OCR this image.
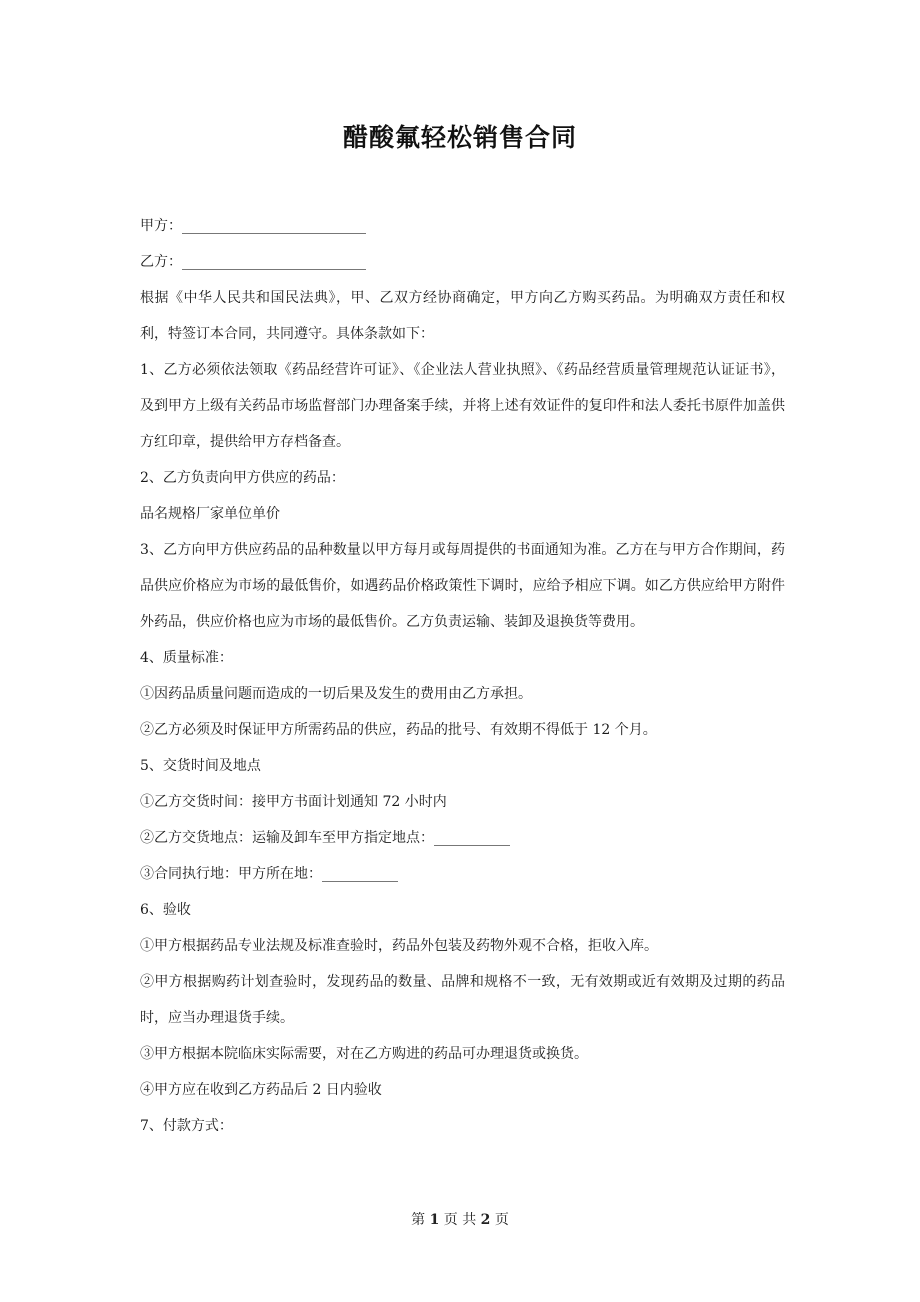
醋酸氟轻松销售合同
甲方：
乙方：
根据《中华人民共和国民法典》，甲、乙双方经协商确定，甲方向乙方购买药品。为明确双方责任和权利，特签订本合同，共同遵守。具体条款如下：
1、乙方必须依法领取《药品经营许可证》、《企业法人营业执照》、《药品经营质量管理规范认证证书》，及到甲方上级有关药品市场监督部门办理备案手续，并将上述有效证件的复印件和法人委托书原件加盖供方红印章，提供给甲方存档备查。
2、乙方负责向甲方供应的药品：
品名规格厂家单位单价
3、乙方向甲方供应药品的品种数量以甲方每月或每周提供的书面通知为准。乙方在与甲方合作期间，药品供应价格应为市场的最低售价，如遇药品价格政策性下调时，应给予相应下调。如乙方供应给甲方附件外药品，供应价格也应为市场的最低售价。乙方负责运输、装卸及退换货等费用。
4、质量标准：
①因药品质量问题而造成的一切后果及发生的费用由乙方承担。
②乙方必须及时保证甲方所需药品的供应，药品的批号、有效期不得低于 12 个月。
5、交货时间及地点
①乙方交货时间：接甲方书面计划通知 72 小时内
②乙方交货地点：运输及卸车至甲方指定地点：
③合同执行地：甲方所在地：
6、验收
①甲方根据药品专业法规及标准查验时，药品外包装及药物外观不合格，拒收入库。
②甲方根据购药计划查验时，发现药品的数量、品牌和规格不一致，无有效期或近有效期及过期的药品时，应当办理退货手续。
③甲方根据本院临床实际需要，对在乙方购进的药品可办理退货或换货。
④甲方应在收到乙方药品后 2 日内验收
7、付款方式：
第 1 页 共 2 页
